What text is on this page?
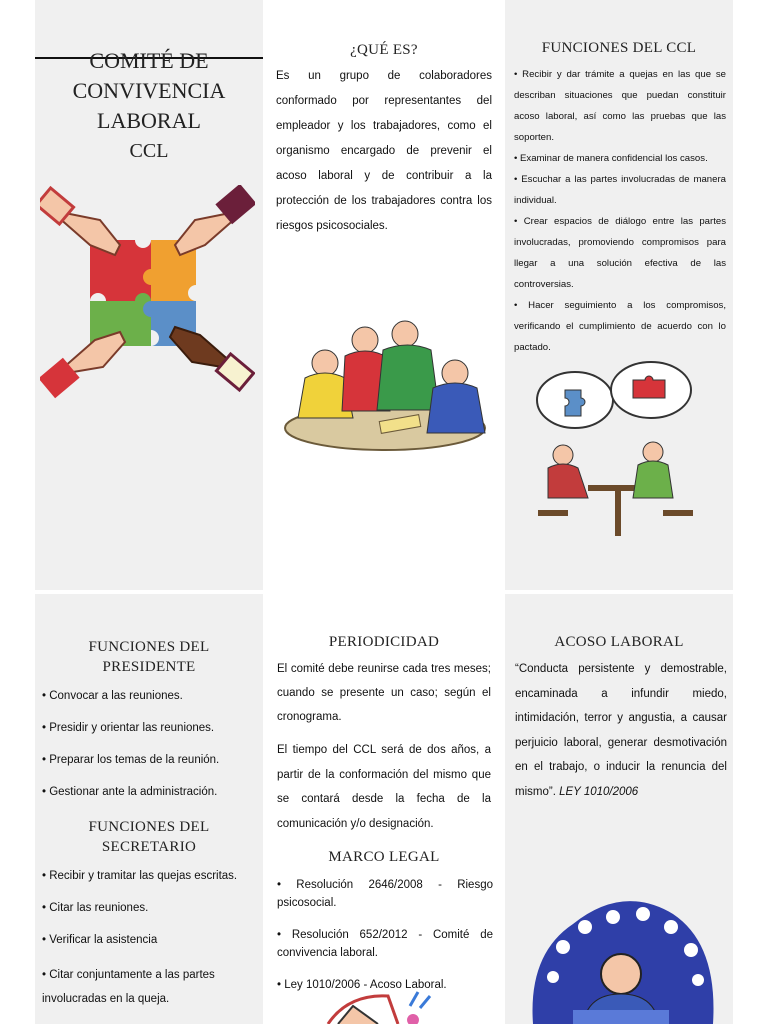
COMITÉ DE
CONVIVENCIA
LABORAL
CCL
¿QUÉ ES?

Es un grupo de colaboradores conformado por representantes del empleador y los trabajadores, como el organismo encargado de prevenir el acoso laboral y de contribuir a la protección de los trabajadores contra los riesgos psicosociales.

FUNCIONES DEL CCL
• Recibir y dar trámite a quejas en las que se describan situaciones que puedan constituir acoso laboral, así como las pruebas que las soporten.
• Examinar de manera confidencial los casos.
• Escuchar a las partes involucradas de manera individual.
• Crear espacios de diálogo entre las partes involucradas, promoviendo compromisos para llegar a una solución efectiva de las controversias.
• Hacer seguimiento a los compromisos, verificando el cumplimiento de acuerdo con lo pactado.
FUNCIONES DEL
PRESIDENTE
• Convocar a las reuniones.
• Presidir y orientar las reuniones.
• Preparar los temas de la reunión.
• Gestionar ante la administración.
FUNCIONES DEL
SECRETARIO
• Recibir y tramitar las quejas escritas.
• Citar las reuniones.
• Verificar la asistencia
• Citar conjuntamente a las partes involucradas en la queja.
PERIODICIDAD

El comité debe reunirse cada tres meses; cuando se presente un caso; según el cronograma.

El tiempo del CCL será de dos años, a partir de la conformación del mismo que se contará desde la fecha de la comunicación y/o designación.

MARCO LEGAL
• Resolución 2646/2008 - Riesgo psicosocial.
• Resolución 652/2012 - Comité de convivencia laboral.
• Ley 1010/2006 - Acoso Laboral.
ACOSO LABORAL

“Conducta persistente y demostrable, encaminada a infundir miedo, intimidación, terror y angustia, a causar perjuicio laboral, generar desmotivación en el trabajo, o inducir la renuncia del mismo”. LEY 1010/2006
